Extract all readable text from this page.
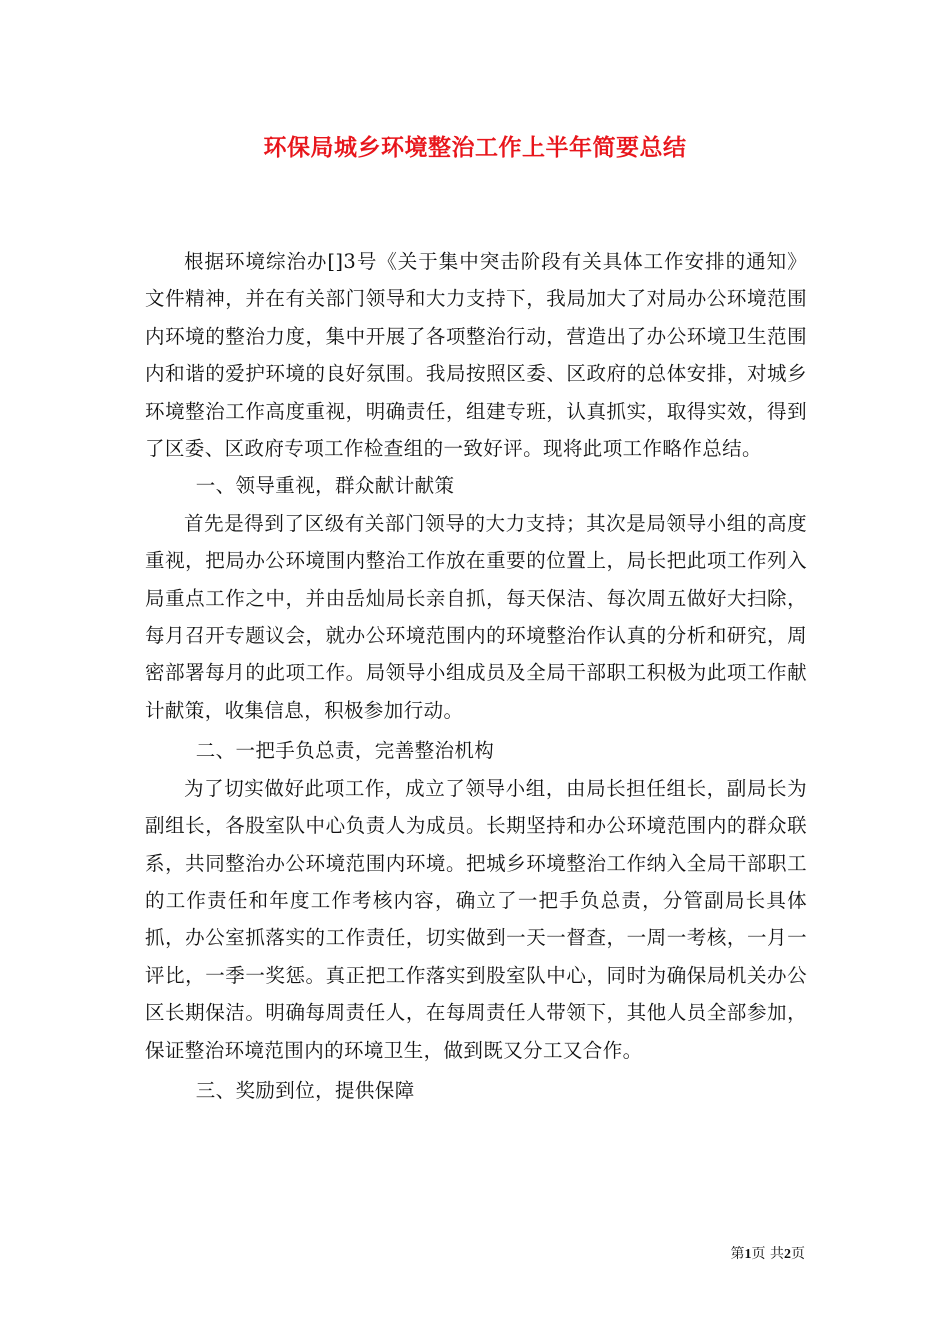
环保局城乡环境整治工作上半年简要总结

根据环境综治办[]3号《关于集中突击阶段有关具体工作安排的通知》文件精神，并在有关部门领导和大力支持下，我局加大了对局办公环境范围内环境的整治力度，集中开展了各项整治行动，营造出了办公环境卫生范围内和谐的爱护环境的良好氛围。我局按照区委、区政府的总体安排，对城乡环境整治工作高度重视，明确责任，组建专班，认真抓实，取得实效，得到了区委、区政府专项工作检查组的一致好评。现将此项工作略作总结。

一、领导重视，群众献计献策

首先是得到了区级有关部门领导的大力支持；其次是局领导小组的高度重视，把局办公环境围内整治工作放在重要的位置上，局长把此项工作列入局重点工作之中，并由岳灿局长亲自抓，每天保洁、每次周五做好大扫除，每月召开专题议会，就办公环境范围内的环境整治作认真的分析和研究，周密部署每月的此项工作。局领导小组成员及全局干部职工积极为此项工作献计献策，收集信息，积极参加行动。

二、一把手负总责，完善整治机构

为了切实做好此项工作，成立了领导小组，由局长担任组长，副局长为副组长，各股室队中心负责人为成员。长期坚持和办公环境范围内的群众联系，共同整治办公环境范围内环境。把城乡环境整治工作纳入全局干部职工的工作责任和年度工作考核内容，确立了一把手负总责，分管副局长具体抓，办公室抓落实的工作责任，切实做到一天一督查，一周一考核，一月一评比，一季一奖惩。真正把工作落实到股室队中心，同时为确保局机关办公区长期保洁。明确每周责任人，在每周责任人带领下，其他人员全部参加，保证整治环境范围内的环境卫生，做到既又分工又合作。

三、奖励到位，提供保障

第1页 共2页
